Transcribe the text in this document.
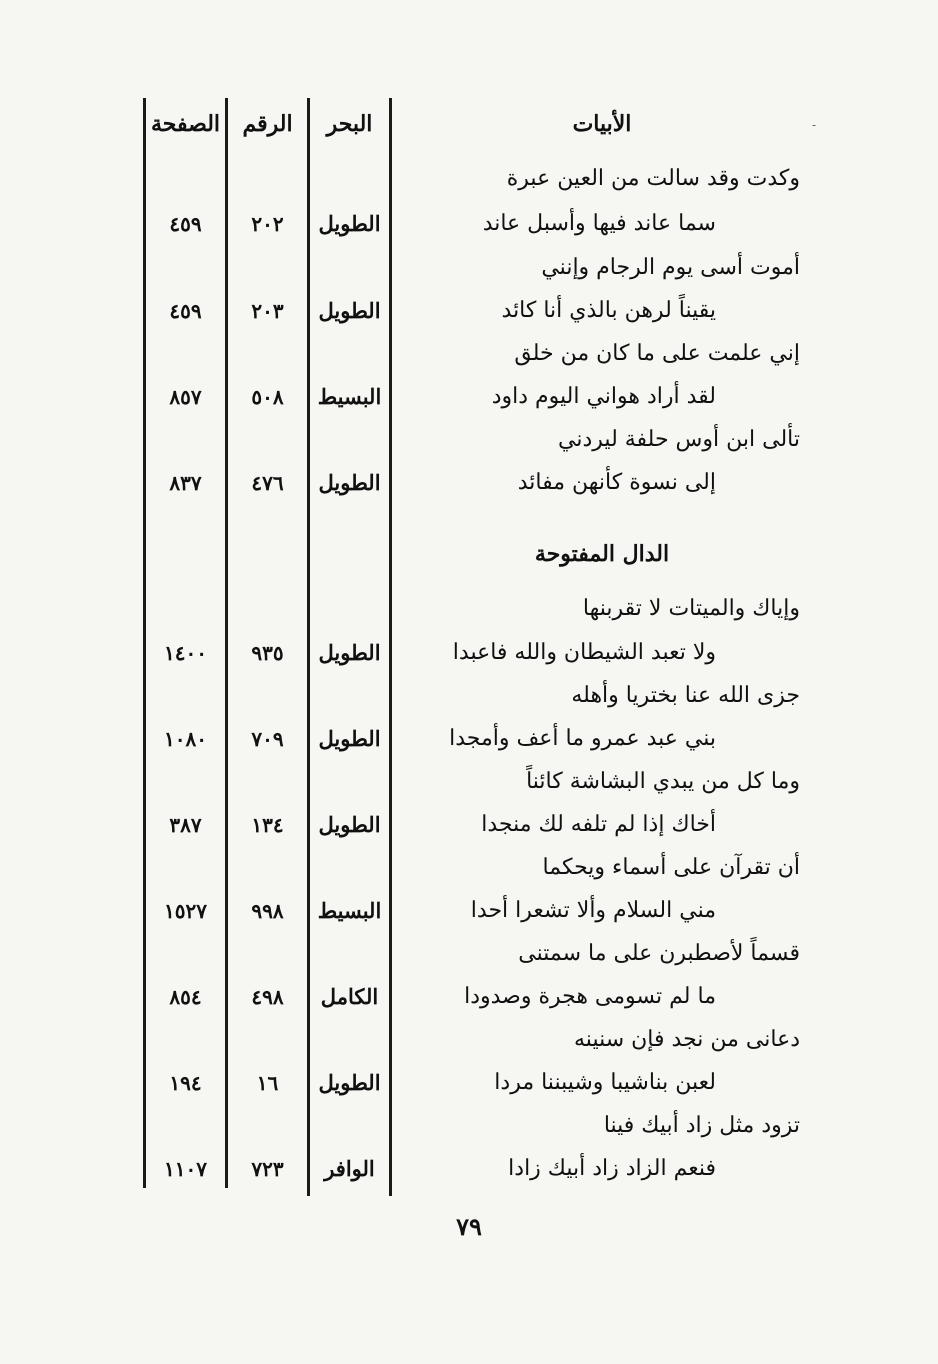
-
الأبيات
البحر
الرقم
الصفحة
وكدت وقد سالت من العين عبرة
سما عاند فيها وأسبل عاند
الطويل
٢٠٢
٤٥٩
أموت أسى يوم الرجام وإنني
يقيناً لرهن بالذي أنا كائد
الطويل
٢٠٣
٤٥٩
إني علمت على ما كان من خلق
لقد أراد هواني اليوم داود
البسيط
٥٠٨
٨٥٧
تألى ابن أوس حلفة ليردني
إلى نسوة كأنهن مفائد
الطويل
٤٧٦
٨٣٧
الدال المفتوحة
وإياك والميتات لا تقربنها
ولا تعبد الشيطان والله فاعبدا
الطويل
٩٣٥
١٤٠٠
جزى الله عنا بختريا وأهله
بني عبد عمرو ما أعف وأمجدا
الطويل
٧٠٩
١٠٨٠
وما كل من يبدي البشاشة كائناً
أخاك إذا لم تلفه لك منجدا
الطويل
١٣٤
٣٨٧
أن تقرآن على أسماء ويحكما
مني السلام وألا تشعرا أحدا
البسيط
٩٩٨
١٥٢٧
قسماً لأصطبرن على ما سمتنى
ما لم تسومى هجرة وصدودا
الكامل
٤٩٨
٨٥٤
دعانى من نجد فإن سنينه
لعبن بناشيبا وشيبننا مردا
الطويل
١٦
١٩٤
تزود مثل زاد أبيك فينا
فنعم الزاد زاد أبيك زادا
الوافر
٧٢٣
١١٠٧
٧٩
